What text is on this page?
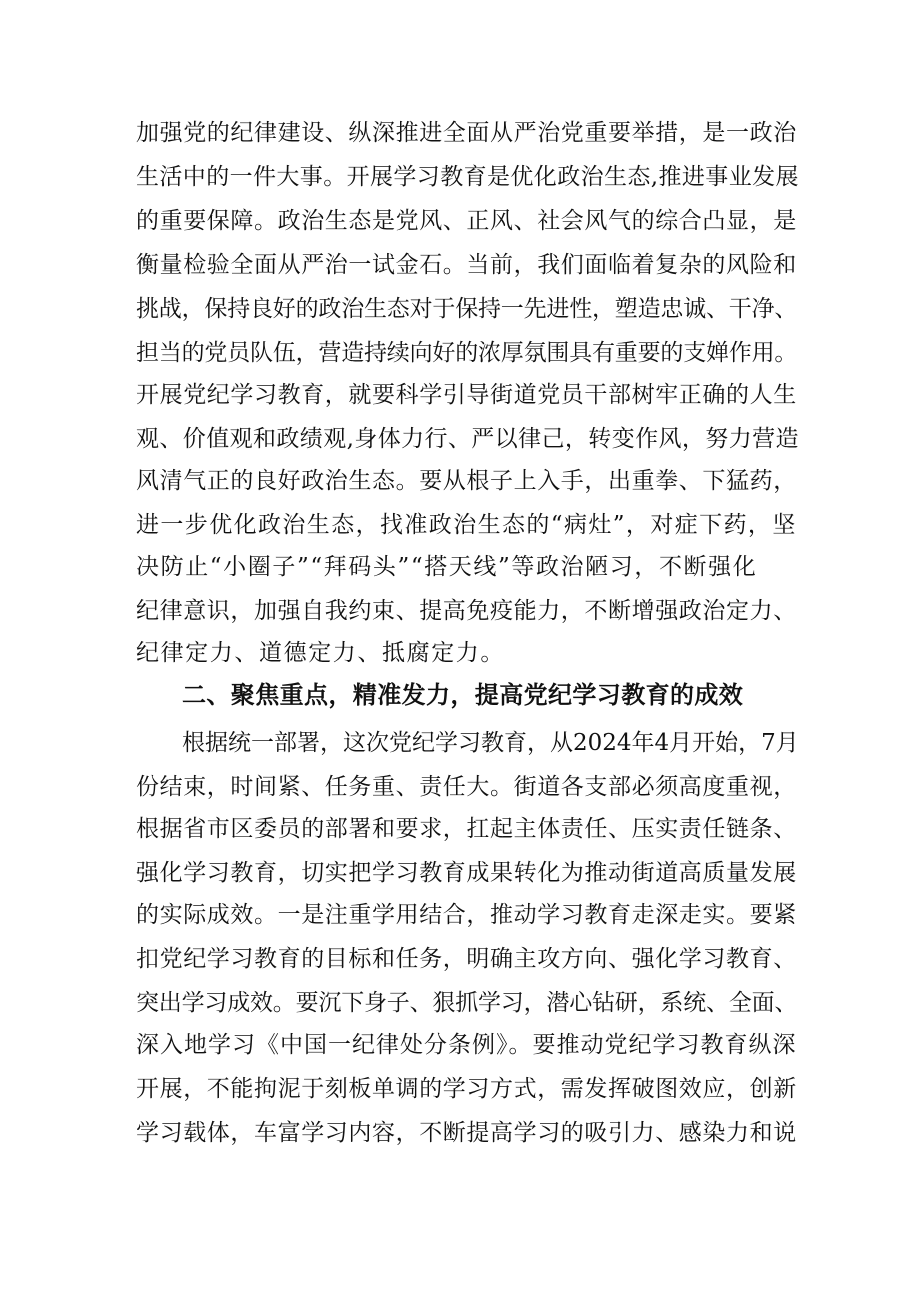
加强党的纪律建设、纵深推进全面从严治党重要举措，是一政治
生活中的一件大事。开展学习教育是优化政治生态,推进事业发展
的重要保障。政治生态是党风、正风、社会风气的综合凸显，是
衡量检验全面从严治一试金石。当前，我们面临着复杂的风险和
挑战，保持良好的政治生态对于保持一先进性，塑造忠诚、干净、
担当的党员队伍，营造持续向好的浓厚氛围具有重要的支婵作用。
开展党纪学习教育，就要科学引导街道党员干部树牢正确的人生
观、价值观和政绩观,身体力行、严以律己，转变作风，努力营造
风清气正的良好政治生态。要从根子上入手，出重拳、下猛药，
进一步优化政治生态，找准政治生态的“病灶”，对症下药，坚
决防止“小圈子”“拜码头”“搭天线”等政治陋习，不断强化
纪律意识，加强自我约束、提高免疫能力，不断增强政治定力、
纪律定力、道德定力、抵腐定力。
二、聚焦重点，精准发力，提高党纪学习教育的成效
根据统一部署，这次党纪学习教育，从2024年4月开始，7月
份结束，时间紧、任务重、责任大。街道各支部必须高度重视，
根据省市区委员的部署和要求，扛起主体责任、压实责任链条、
强化学习教育，切实把学习教育成果转化为推动街道高质量发展
的实际成效。一是注重学用结合，推动学习教育走深走实。要紧
扣党纪学习教育的目标和任务，明确主攻方向、强化学习教育、
突出学习成效。要沉下身子、狠抓学习，潜心钻研，系统、全面、
深入地学习《中国一纪律处分条例》。要推动党纪学习教育纵深
开展，不能拘泥于刻板单调的学习方式，需发挥破图效应，创新
学习载体，车富学习内容，不断提高学习的吸引力、感染力和说
